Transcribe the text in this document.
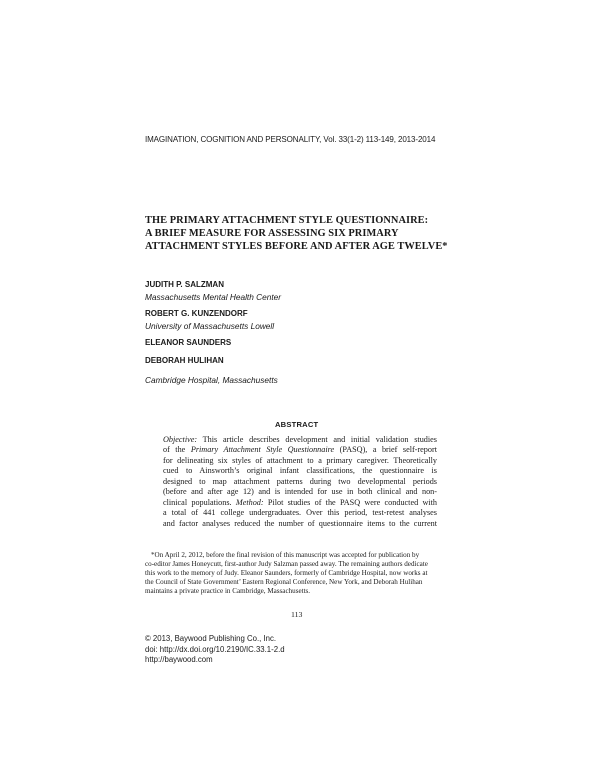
IMAGINATION, COGNITION AND PERSONALITY, Vol. 33(1-2) 113-149, 2013-2014
THE PRIMARY ATTACHMENT STYLE QUESTIONNAIRE:
A BRIEF MEASURE FOR ASSESSING SIX PRIMARY
ATTACHMENT STYLES BEFORE AND AFTER AGE TWELVE*
JUDITH P. SALZMAN
Massachusetts Mental Health Center
ROBERT G. KUNZENDORF
University of Massachusetts Lowell
ELEANOR SAUNDERS
DEBORAH HULIHAN
Cambridge Hospital, Massachusetts
ABSTRACT
Objective: This article describes development and initial validation studies
of the Primary Attachment Style Questionnaire (PASQ), a brief self-report
for delineating six styles of attachment to a primary caregiver. Theoretically
cued to Ainsworth’s original infant classifications, the questionnaire is
designed to map attachment patterns during two developmental periods
(before and after age 12) and is intended for use in both clinical and non-
clinical populations. Method: Pilot studies of the PASQ were conducted with
a total of 441 college undergraduates. Over this period, test-retest analyses
and factor analyses reduced the number of questionnaire items to the current
*On April 2, 2012, before the final revision of this manuscript was accepted for publication by
co-editor James Honeycutt, first-author Judy Salzman passed away. The remaining authors dedicate
this work to the memory of Judy. Eleanor Saunders, formerly of Cambridge Hospital, now works at
the Council of State Government’ Eastern Regional Conference, New York, and Deborah Hulihan
maintains a private practice in Cambridge, Massachusetts.
113
© 2013, Baywood Publishing Co., Inc.
doi: http://dx.doi.org/10.2190/IC.33.1-2.d
http://baywood.com
